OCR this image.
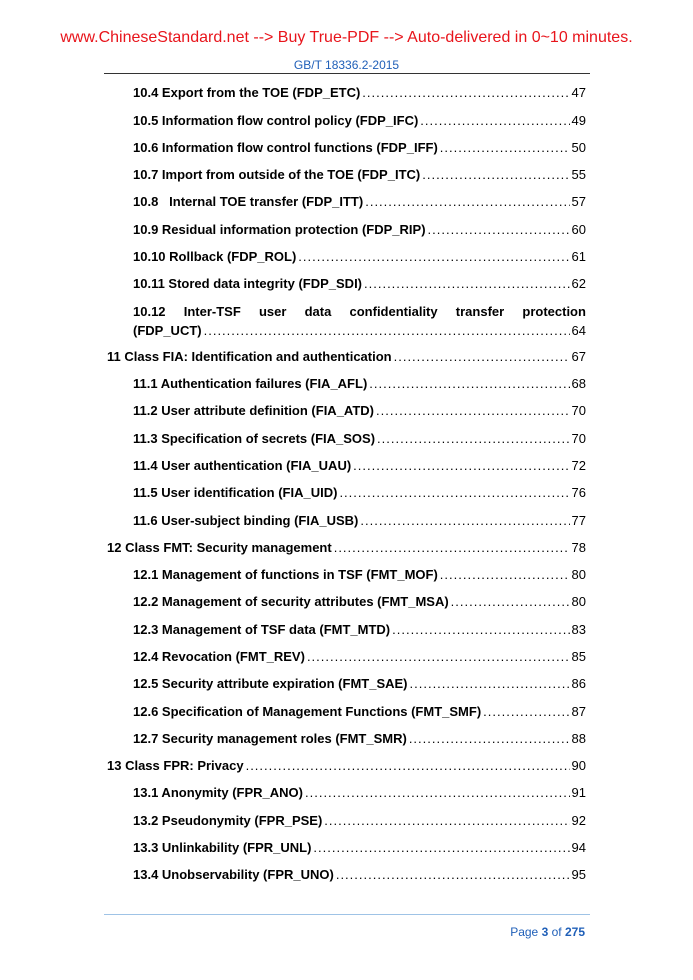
www.ChineseStandard.net --> Buy True-PDF --> Auto-delivered in 0~10 minutes.
GB/T 18336.2-2015
10.4 Export from the TOE (FDP_ETC) .....	47
10.5 Information flow control policy (FDP_IFC) .....	49
10.6 Information flow control functions (FDP_IFF) .....	50
10.7 Import from outside of the TOE (FDP_ITC) .....	55
10.8   Internal TOE transfer (FDP_ITT) .....	57
10.9 Residual information protection (FDP_RIP) .....	60
10.10 Rollback (FDP_ROL) .....	61
10.11 Stored data integrity (FDP_SDI) .....	62
10.12 Inter-TSF user data confidentiality transfer protection
(FDP_UCT) .....	64
11 Class FIA: Identification and authentication .....	67
11.1 Authentication failures (FIA_AFL) .....	68
11.2 User attribute definition (FIA_ATD) .....	70
11.3 Specification of secrets (FIA_SOS) .....	70
11.4 User authentication (FIA_UAU) .....	72
11.5 User identification (FIA_UID) .....	76
11.6 User-subject binding (FIA_USB) .....	77
12 Class FMT: Security management .....	78
12.1 Management of functions in TSF (FMT_MOF) .....	80
12.2 Management of security attributes (FMT_MSA) .....	80
12.3 Management of TSF data (FMT_MTD) .....	83
12.4 Revocation (FMT_REV) .....	85
12.5 Security attribute expiration (FMT_SAE) .....	86
12.6 Specification of Management Functions (FMT_SMF) .....	87
12.7 Security management roles (FMT_SMR) .....	88
13 Class FPR: Privacy .....	90
13.1 Anonymity (FPR_ANO) .....	91
13.2 Pseudonymity (FPR_PSE) .....	92
13.3 Unlinkability (FPR_UNL) .....	94
13.4 Unobservability (FPR_UNO) .....	95
Page 3 of 275
